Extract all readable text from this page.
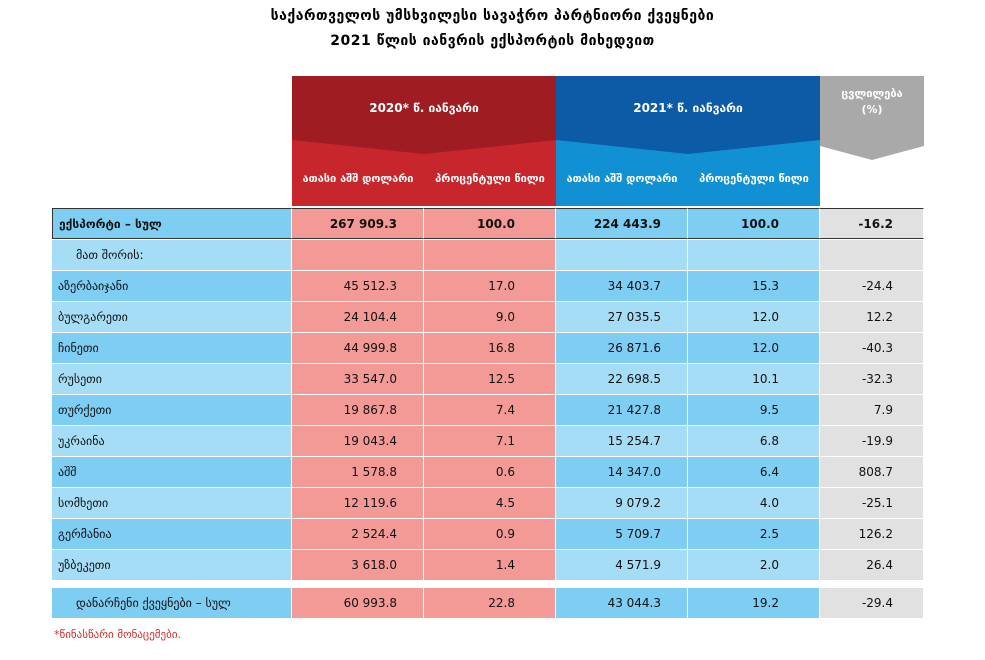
საქართველოს უმსხვილესი სავაჭრო პარტნიორი ქვეყნები
2021 წლის იანვრის ექსპორტის მიხედვით
2020* წ. იანვარი
ათასი აშშ დოლარი	პროცენტული წილი
2021* წ. იანვარი
ათასი აშშ დოლარი	პროცენტული წილი
ცვლილება
(%)
ექსპორტი – სულ	267 909.3	100.0	224 443.9	100.0	-16.2
მათ შორის:
აზერბაიჯანი	45 512.3	17.0	34 403.7	15.3	-24.4
ბულგარეთი	24 104.4	9.0	27 035.5	12.0	12.2
ჩინეთი	44 999.8	16.8	26 871.6	12.0	-40.3
რუსეთი	33 547.0	12.5	22 698.5	10.1	-32.3
თურქეთი	19 867.8	7.4	21 427.8	9.5	7.9
უკრაინა	19 043.4	7.1	15 254.7	6.8	-19.9
აშშ	1 578.8	0.6	14 347.0	6.4	808.7
სომხეთი	12 119.6	4.5	9 079.2	4.0	-25.1
გერმანია	2 524.4	0.9	5 709.7	2.5	126.2
უზბეკეთი	3 618.0	1.4	4 571.9	2.0	26.4
დანარჩენი ქვეყნები – სულ	60 993.8	22.8	43 044.3	19.2	-29.4
*წინასწარი მონაცემები.
